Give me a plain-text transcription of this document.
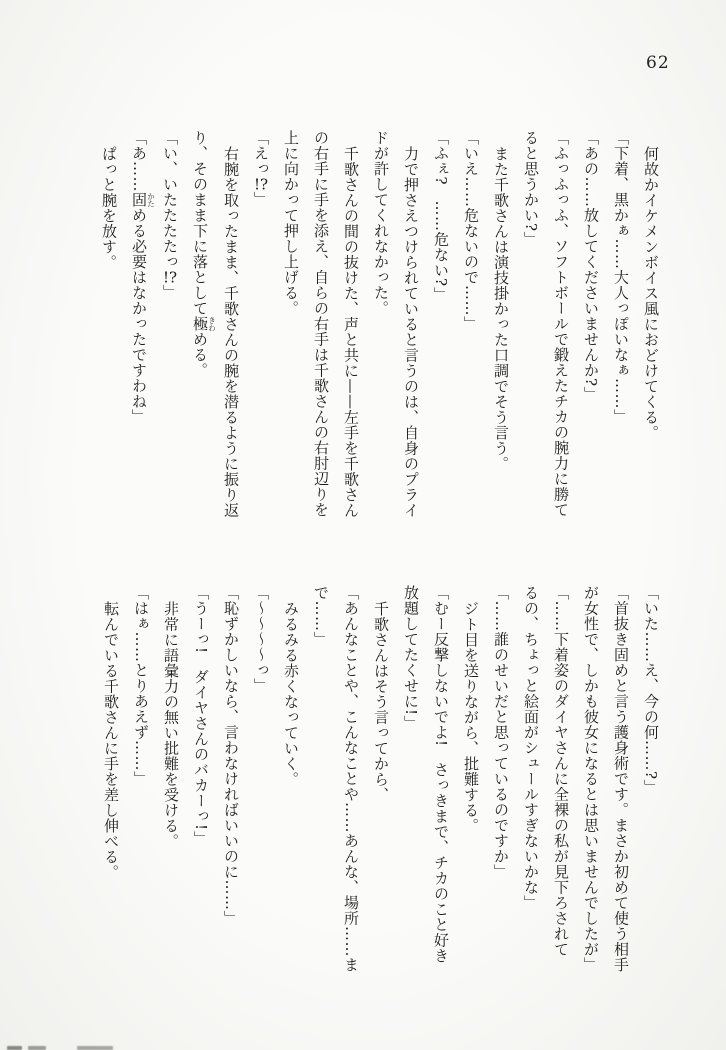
62

何故かイケメンボイス風におどけてくる。

「下着、黒かぁ……大人っぽいなぁ……」

「あの……放してくださいませんか?」

「ふっふっふ、ソフトボールで鍛えたチカの腕力に勝て

ると思うかい?」

また千歌さんは演技掛かった口調でそう言う。

「いえ……危ないので……」

「ふぇ?　……危ない?」

力で押さえつけられていると言うのは、自身のプライ

ドが許してくれなかった。

千歌さんの間の抜けた、声と共に——左手を千歌さん

の右手に手を添え、自らの右手は千歌さんの右肘辺りを

上に向かって押し上げる。

「えっ!?」

右腕を取ったまま、千歌さんの腕を潜るように振り返

り、そのまま下に落として極きわめる。

「い、いたたたたっ!?」

「あ……固かためる必要はなかったですわね」

ぱっと腕を放す。

「いた……え、今の何……?」

「首抜き固めと言う護身術です。まさか初めて使う相手

が女性で、しかも彼女になるとは思いませんでしたが」

「……下着姿のダイヤさんに全裸の私が見下ろされて

るの、ちょっと絵面がシュールすぎないかな」

「……誰のせいだと思っているのですか」

ジト目を送りながら、批難する。

「むー反撃しないでよ!　さっきまで、チカのこと好き

放題してたくせに!」

千歌さんはそう言ってから、

「あんなことや、こんなことや……あんな、場所……ま

で……」

みるみる赤くなっていく。

「〜〜〜〜っ」

「恥ずかしいなら、言わなければいいのに……」

「うーっ!　ダイヤさんのバカーっ!」

非常に語彙力の無い批難を受ける。

「はぁ……とりあえず……」

転んでいる千歌さんに手を差し伸べる。
